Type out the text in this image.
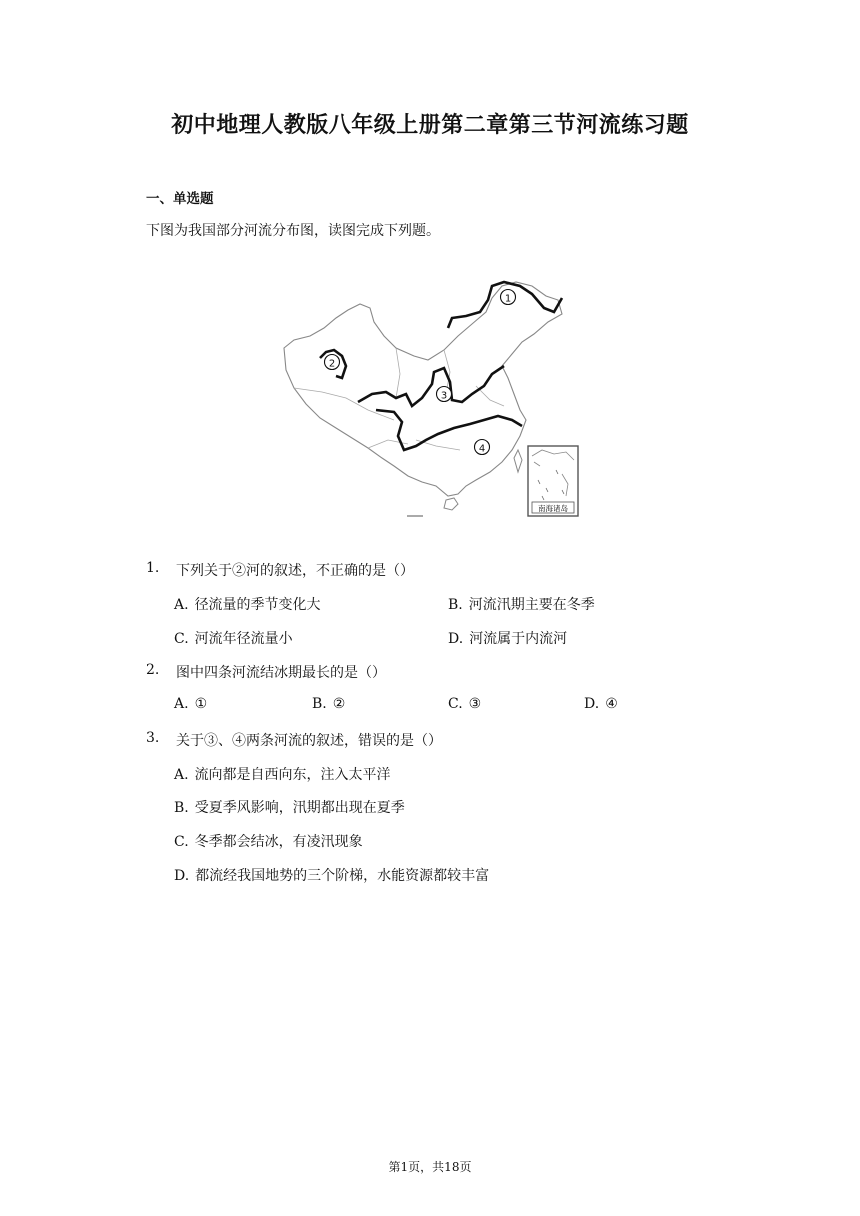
初中地理人教版八年级上册第二章第三节河流练习题
一、单选题
下图为我国部分河流分布图，读图完成下列题。
1
2
3
4
南海诸岛
1. 下列关于②河的叙述，不正确的是（）
A. 径流量的季节变化大	B. 河流汛期主要在冬季
C. 河流年径流量小	D. 河流属于内流河
2. 图中四条河流结冰期最长的是（）
A. ①	B. ②	C. ③	D. ④
3. 关于③、④两条河流的叙述，错误的是（）
A. 流向都是自西向东，注入太平洋
B. 受夏季风影响，汛期都出现在夏季
C. 冬季都会结冰，有凌汛现象
D. 都流经我国地势的三个阶梯，水能资源都较丰富
第1页，共18页
